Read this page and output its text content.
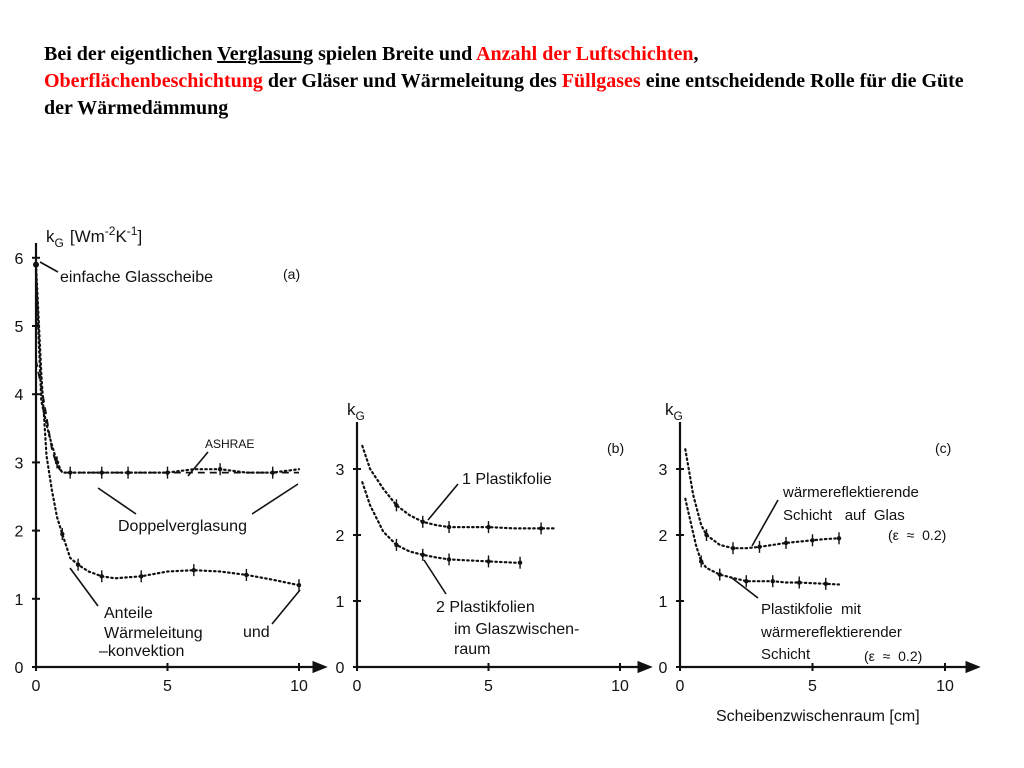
Bei der eigentlichen Verglasung spielen Breite und Anzahl der Luftschichten,
Oberflächenbeschichtung der Gläser und Wärmeleitung des Füllgases eine entscheidende Rolle für die Güte der Wärmedämmung
0
1
2
3
4
5
6
0	5	10
$k_G$ $[Wm^{-2}K^{-1}]$
einfache Glasscheibe	(a)
ASHRAE
Doppelverglasung
Anteile
Wärmeleitung	und
–konvektion
0
1
2
3
0	5	10
$k_G$
(b)
1 Plastikfolie
2 Plastikfolien
im Glaszwischen-
raum
0
1
2
3
0	5	10
$k_G$
(c)
wärmereflektierende
Schicht   auf  Glas
(ε  ≈  0.2)
Plastikfolie  mit
wärmereflektierender
Schicht	(ε  ≈  0.2)
Scheibenzwischenraum [cm]
